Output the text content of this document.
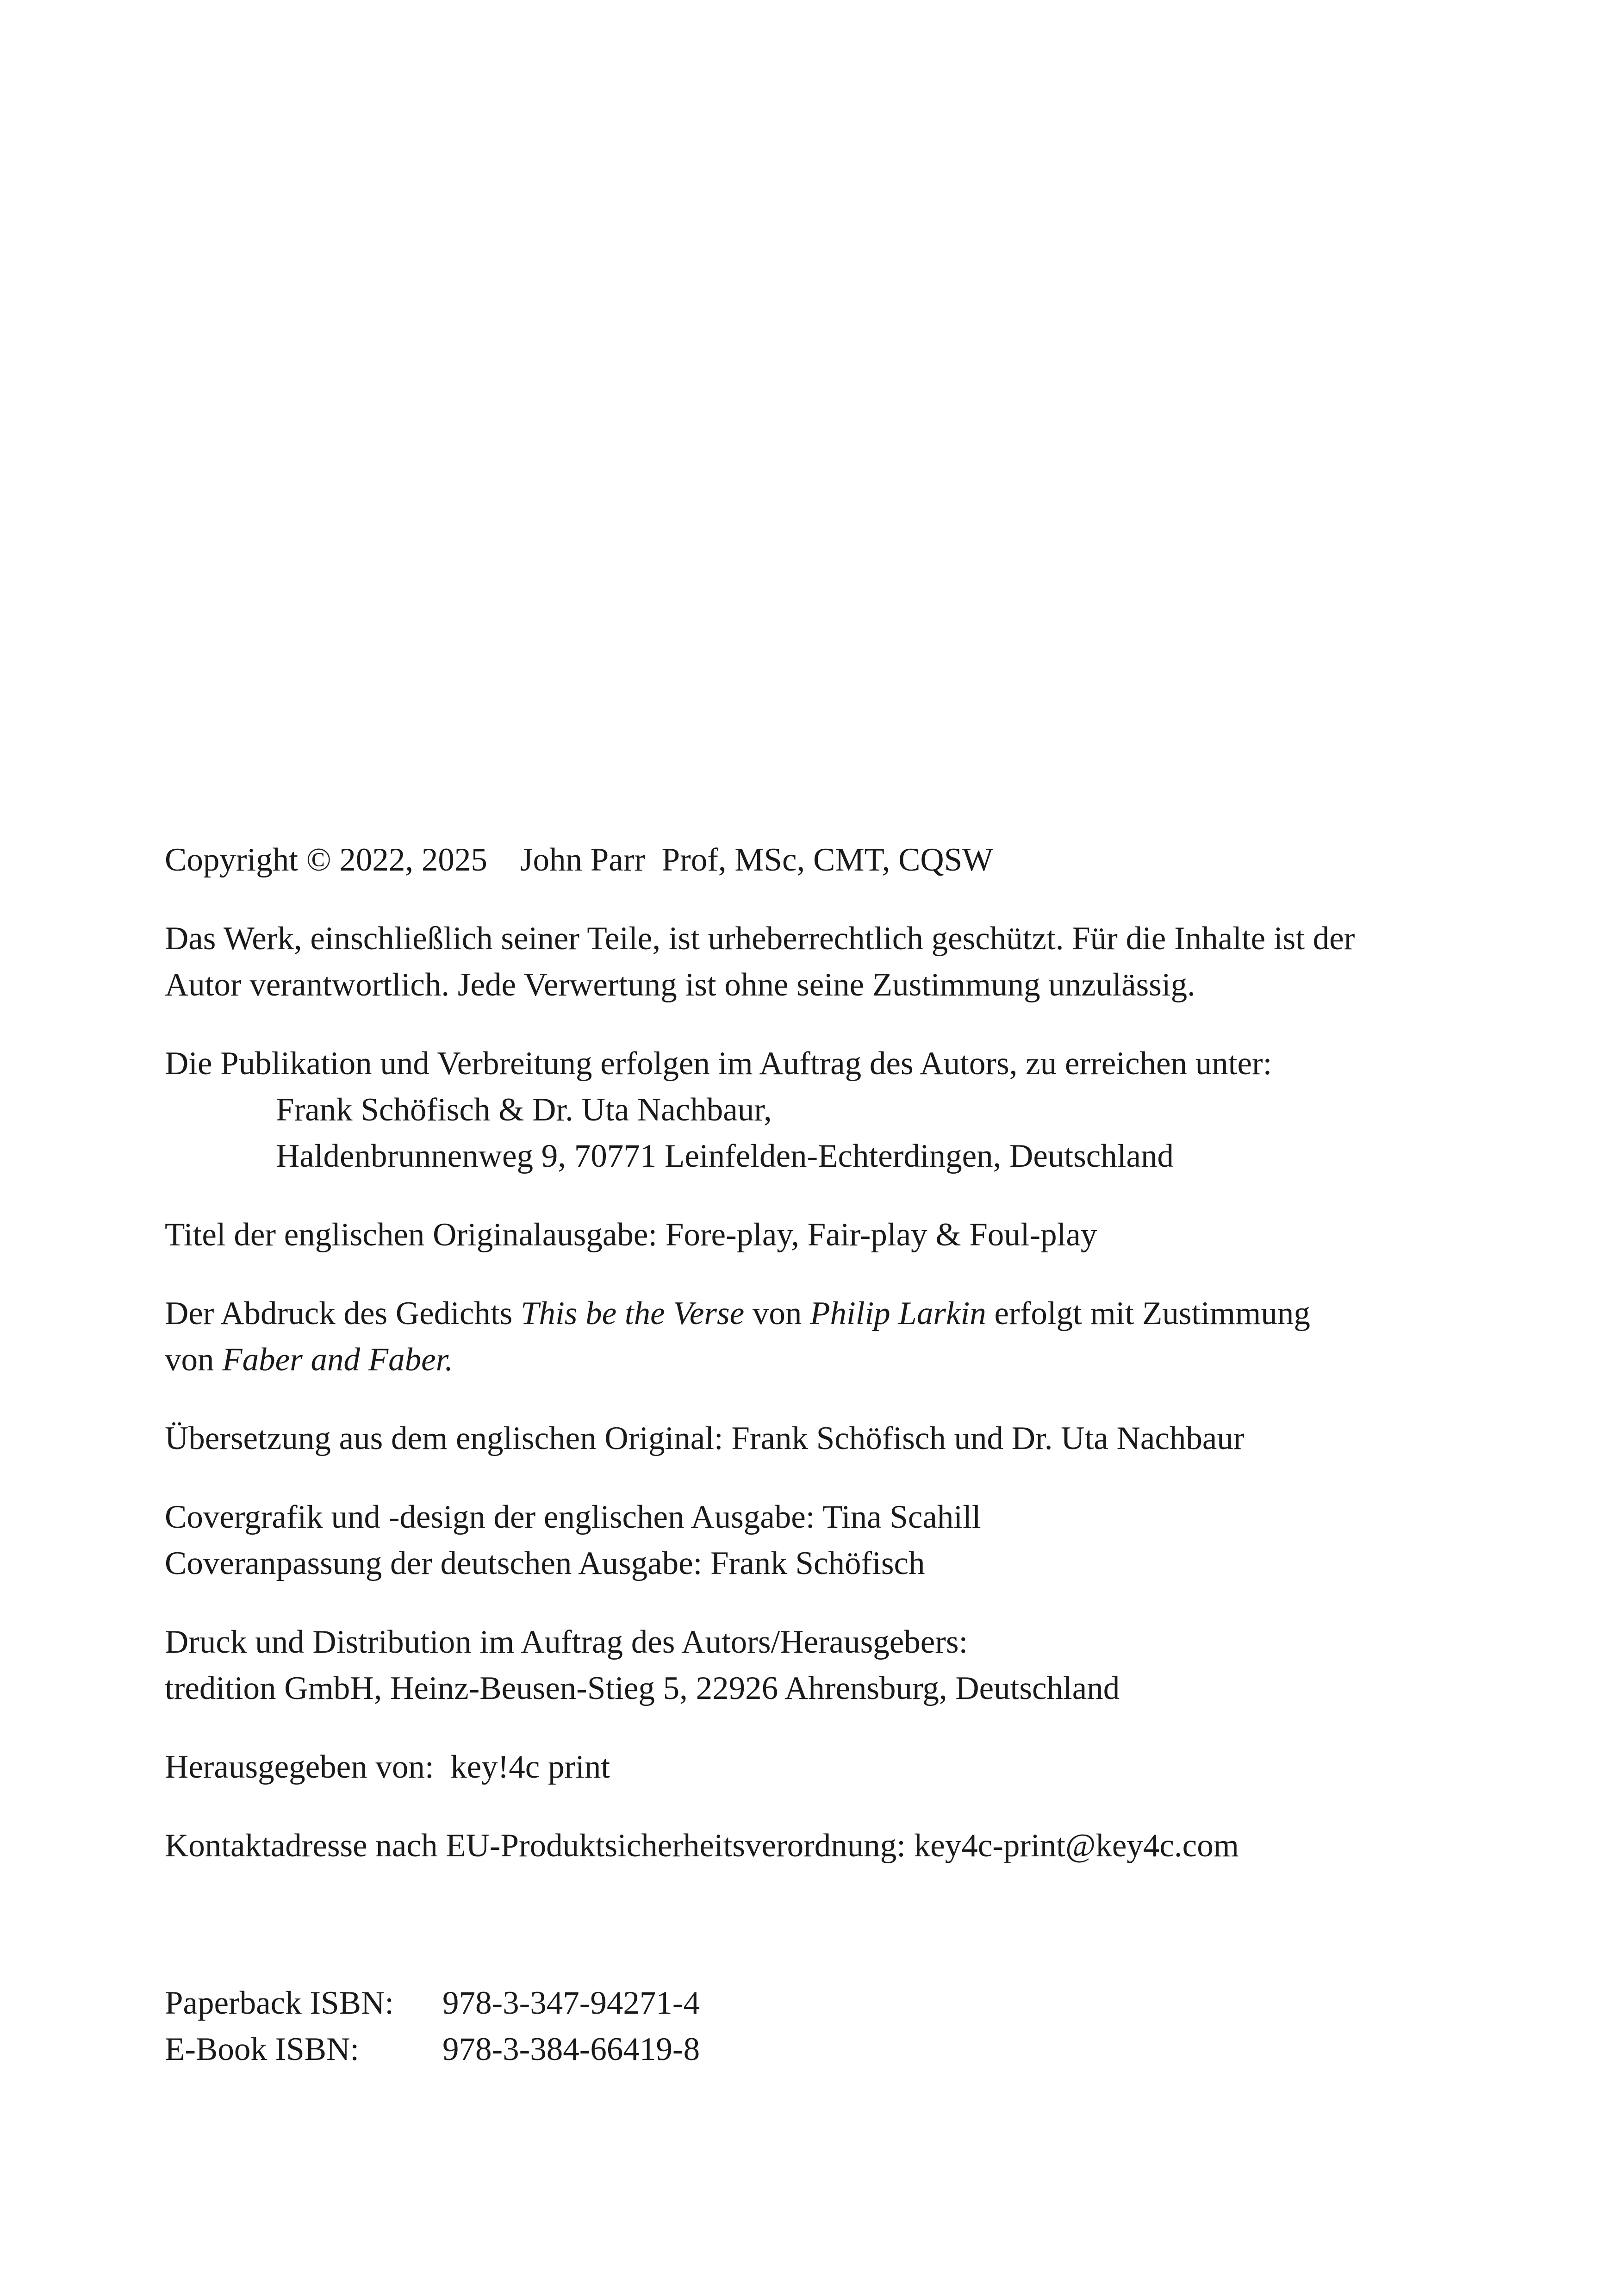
Copyright © 2022, 2025 John Parr Prof, MSc, CMT, CQSW

Das Werk, einschließlich seiner Teile, ist urheberrechtlich geschützt. Für die Inhalte ist der

Autor verantwortlich. Jede Verwertung ist ohne seine Zustimmung unzulässig.

Die Publikation und Verbreitung erfolgen im Auftrag des Autors, zu erreichen unter:

Frank Schöfisch & Dr. Uta Nachbaur,

Haldenbrunnenweg 9, 70771 Leinfelden-Echterdingen, Deutschland

Titel der englischen Originalausgabe: Fore-play, Fair-play & Foul-play

Der Abdruck des Gedichts This be the Verse von Philip Larkin erfolgt mit Zustimmung

von Faber and Faber.

Übersetzung aus dem englischen Original: Frank Schöfisch und Dr. Uta Nachbaur

Covergrafik und -design der englischen Ausgabe: Tina Scahill

Coveranpassung der deutschen Ausgabe: Frank Schöfisch

Druck und Distribution im Auftrag des Autors/Herausgebers:

tredition GmbH, Heinz-Beusen-Stieg 5, 22926 Ahrensburg, Deutschland

Herausgegeben von: key!4c print

Kontaktadresse nach EU-Produktsicherheitsverordnung: key4c-print@key4c.com

Paperback ISBN:	978-3-347-94271-4
E-Book ISBN:	978-3-384-66419-8
